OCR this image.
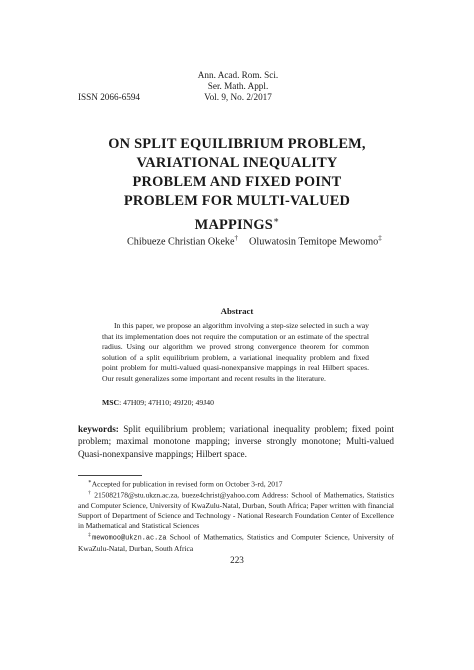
Ann. Acad. Rom. Sci.
Ser. Math. Appl.
Vol. 9, No. 2/2017
ISSN 2066-6594
ON SPLIT EQUILIBRIUM PROBLEM,
VARIATIONAL INEQUALITY
PROBLEM AND FIXED POINT
PROBLEM FOR MULTI-VALUED
MAPPINGS∗
Chibueze Christian Okeke† Oluwatosin Temitope Mewomo‡
Abstract

In this paper, we propose an algorithm involving a step-size selected in such a way that its implementation does not require the computation or an estimate of the spectral radius. Using our algorithm we proved strong convergence theorem for common solution of a split equilibrium problem, a variational inequality problem and fixed point problem for multi-valued quasi-nonexpansive mappings in real Hilbert spaces. Our result generalizes some important and recent results in the literature.

MSC: 47H09; 47H10; 49J20; 49J40
keywords: Split equilibrium problem; variational inequality problem; fixed point problem; maximal monotone mapping; inverse strongly monotone; Multi-valued Quasi-nonexpansive mappings; Hilbert space.

∗Accepted for publication in revised form on October 3-rd, 2017

† 215082178@stu.ukzn.ac.za, bueze4christ@yahoo.com Address: School of Mathematics, Statistics and Computer Science, University of KwaZulu-Natal, Durban, South Africa; Paper written with financial Support of Department of Science and Technology - National Research Foundation Center of Excellence in Mathematical and Statistical Sciences

‡mewomoo@ukzn.ac.za School of Mathematics, Statistics and Computer Science, University of KwaZulu-Natal, Durban, South Africa

223
